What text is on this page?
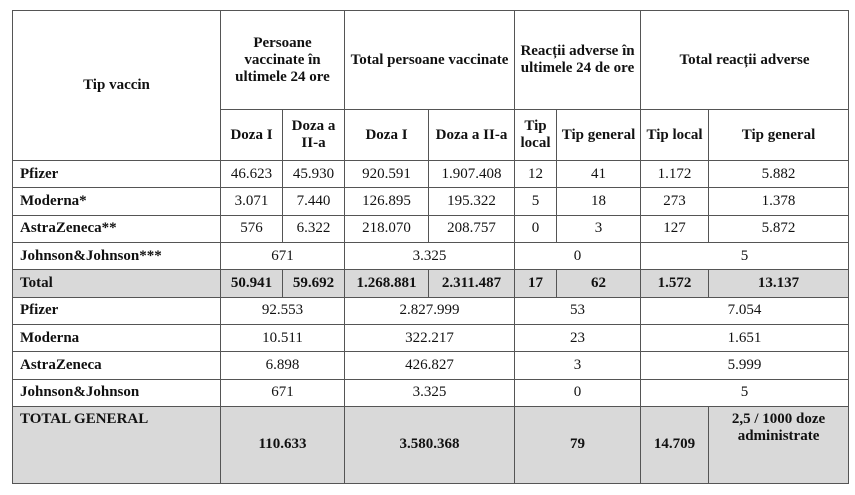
Tip vaccin	Persoane vaccinate în ultimele 24 ore		Total persoane vaccinate		Reacții adverse în ultimele 24 de ore		Total reacții adverse	
	Doza I	Doza a II-a	Doza I	Doza a II-a	Tip local	Tip general	Tip local	Tip general
Pfizer	46.623	45.930	920.591	1.907.408	12	41	1.172	5.882
Moderna*	3.071	7.440	126.895	195.322	5	18	273	1.378
AstraZeneca**	576	6.322	218.070	208.757	0	3	127	5.872
Johnson&Johnson***	671		3.325		0		5	
Total	50.941	59.692	1.268.881	2.311.487	17	62	1.572	13.137
Pfizer	92.553		2.827.999		53		7.054	
Moderna	10.511		322.217		23		1.651	
AstraZeneca	6.898		426.827		3		5.999	
Johnson&Johnson	671		3.325		0		5	
TOTAL GENERAL	110.633		3.580.368		79		14.709	2,5 / 1000 doze administrate
